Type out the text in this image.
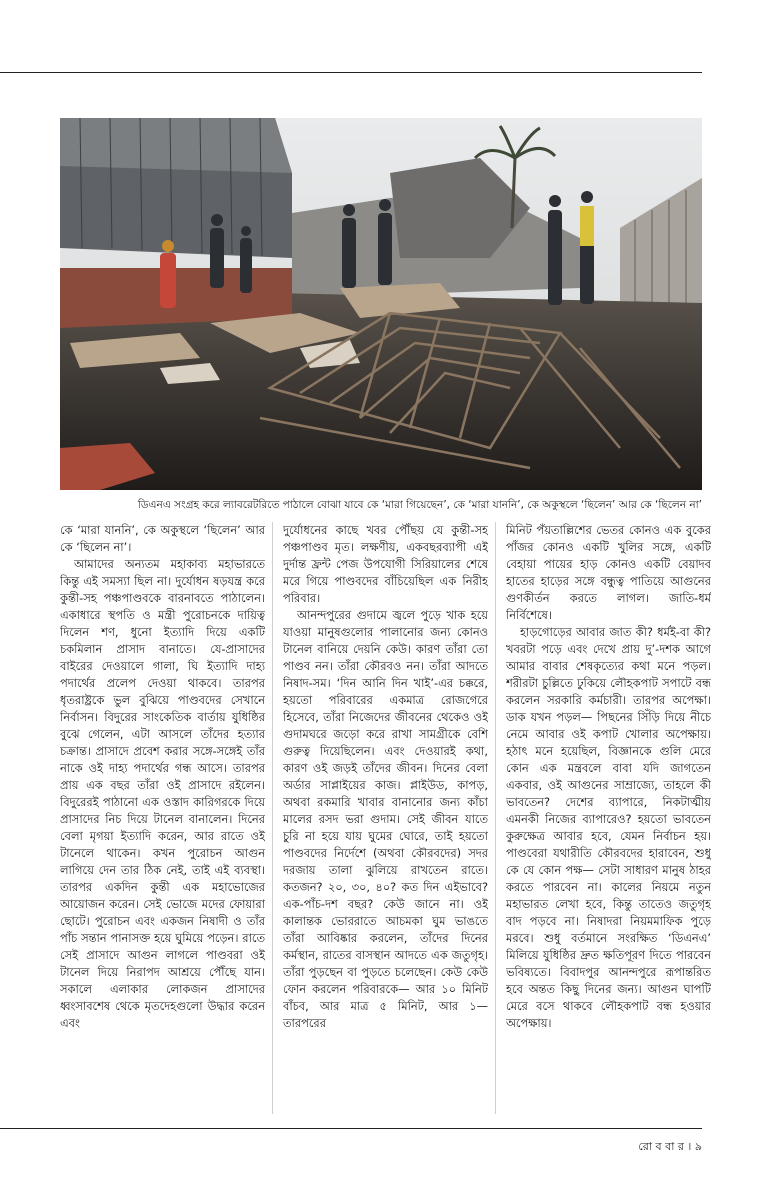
ডিএনএ সংগ্রহ করে ল্যাবরেটরিতে পাঠালে বোঝা যাবে কে ‘মারা গিয়েছেন’, কে ‘মারা যাননি’, কে অকুস্থলে ‘ছিলেন’ আর কে ‘ছিলেন না’

কে ‘মারা যাননি’, কে অকুস্থলে ‘ছিলেন’ আর কে ‘ছিলেন না’।

আমাদের অন্যতম মহাকাব্য মহাভারতে কিন্তু এই সমস্যা ছিল না। দুর্যোধন ষড়যন্ত্র করে কুন্তী-সহ পঞ্চপাণ্ডবকে বারনাবতে পাঠালেন। একাধারে স্থপতি ও মন্ত্রী পুরোচনকে দায়িত্ব দিলেন শণ, ধুনো ইত্যাদি দিয়ে একটি চকমিলান প্রাসাদ বানাতে। যে-প্রাসাদের বাইরের দেওয়ালে গালা, ঘি ইত্যাদি দাহ্য পদার্থের প্রলেপ দেওয়া থাকবে। তারপর ধৃতরাষ্ট্রকে ভুল বুঝিয়ে পাণ্ডবদের সেখানে নির্বাসন। বিদুরের সাংকেতিক বার্তায় যুধিষ্ঠির বুঝে গেলেন, এটা আসলে তাঁদের হত্যার চক্রান্ত। প্রাসাদে প্রবেশ করার সঙ্গে-সঙ্গেই তাঁর নাকে ওই দাহ্য পদার্থের গন্ধ আসে। তারপর প্রায় এক বছর তাঁরা ওই প্রাসাদে রইলেন। বিদুরেরই পাঠানো এক ওস্তাদ কারিগরকে দিয়ে প্রাসাদের নিচ দিয়ে টানেল বানালেন। দিনের বেলা মৃগয়া ইত্যাদি করেন, আর রাতে ওই টানেলে থাকেন। কখন পুরোচন আগুন লাগিয়ে দেন তার ঠিক নেই, তাই এই ব্যবস্থা। তারপর একদিন কুন্তী এক মহাভোজের আয়োজন করেন। সেই ভোজে মদের ফোয়ারা ছোটে। পুরোচন এবং একজন নিষাদী ও তাঁর পাঁচ সন্তান পানাসক্ত হয়ে ঘুমিয়ে পড়েন। রাতে সেই প্রাসাদে আগুন লাগলে পাণ্ডবরা ওই টানেল দিয়ে নিরাপদ আশ্রয়ে পৌঁছে যান। সকালে এলাকার লোকজন প্রাসাদের ধ্বংসাবশেষ থেকে মৃতদেহগুলো উদ্ধার করেন এবং

দুর্যোধনের কাছে খবর পৌঁছয় যে কুন্তী-সহ পঞ্চপাণ্ডব মৃত। লক্ষণীয়, একবছরব্যাপী এই দুর্দান্ত ফ্রন্ট পেজ উপযোগী সিরিয়ালের শেষে মরে গিয়ে পাণ্ডবদের বাঁচিয়েছিল এক নিরীহ পরিবার।

আনন্দপুরের গুদামে জ্বলে পুড়ে খাক হয়ে যাওয়া মানুষগুলোর পালানোর জন্য কোনও টানেল বানিয়ে দেয়নি কেউ। কারণ তাঁরা তো পাণ্ডব নন। তাঁরা কৌরবও নন। তাঁরা আদতে নিষাদ-সম। ‘দিন আনি দিন খাই’-এর চক্করে, হয়তো পরিবারের একমাত্র রোজগেরে হিসেবে, তাঁরা নিজেদের জীবনের থেকেও ওই গুদামঘরে জড়ো করে রাখা সামগ্রীকে বেশি গুরুত্ব দিয়েছিলেন। এবং দেওয়ারই কথা, কারণ ওই জড়ই তাঁদের জীবন। দিনের বেলা অর্ডার সাপ্লাইয়ের কাজ। প্লাইউড, কাপড়, অথবা রকমারি খাবার বানানোর জন্য কাঁচা মালের রসদ ভরা গুদাম। সেই জীবন যাতে চুরি না হয়ে যায় ঘুমের ঘোরে, তাই হয়তো পাণ্ডবদের নির্দেশে (অথবা কৌরবদের) সদর দরজায় তালা ঝুলিয়ে রাখতেন রাতে। কতজন? ২০, ৩০, ৪০? কত দিন এইভাবে? এক-পাঁচ-দশ বছর? কেউ জানে না। ওই কালান্তক ভোররাতে আচমকা ঘুম ভাঙতে তাঁরা আবিষ্কার করলেন, তাঁদের দিনের কর্মস্থান, রাতের বাসস্থান আদতে এক জতুগৃহ। তাঁরা পুড়ছেন বা পুড়তে চলেছেন। কেউ কেউ ফোন করলেন পরিবারকে— আর ১০ মিনিট বাঁচব, আর মাত্র ৫ মিনিট, আর ১— তারপরের

মিনিট পঁয়তাল্লিশের ভেতর কোনও এক বুকের পাঁজর কোনও একটি খুলির সঙ্গে, একটি বেহায়া পায়ের হাড় কোনও একটি বেয়াদব হাতের হাড়ের সঙ্গে বন্ধুত্ব পাতিয়ে আগুনের গুণকীর্তন করতে লাগল। জাতি-ধর্ম নির্বিশেষে।

হাড়গোড়ের আবার জাত কী? ধর্মই-বা কী? খবরটা পড়ে এবং দেখে প্রায় দু’-দশক আগে আমার বাবার শেষকৃত্যের কথা মনে পড়ল। শরীরটা চুল্লিতে ঢুকিয়ে লৌহকপাট সপাটে বন্ধ করলেন সরকারি কর্মচারী। তারপর অপেক্ষা। ডাক যখন পড়ল— পিছনের সিঁড়ি দিয়ে নীচে নেমে আবার ওই কপাট খোলার অপেক্ষায়। হঠাৎ মনে হয়েছিল, বিজ্ঞানকে গুলি মেরে কোন এক মন্ত্রবলে বাবা যদি জাগতেন একবার, ওই আগুনের সাম্রাজ্যে, তাহলে কী ভাবতেন? দেশের ব্যাপারে, নিকটাত্মীয় এমনকী নিজের ব্যাপারেও? হয়তো ভাবতেন কুরুক্ষেত্র আবার হবে, যেমন নির্বাচন হয়। পাণ্ডবেরা যথারীতি কৌরবদের হারাবেন, শুধু কে যে কোন পক্ষ— সেটা সাধারণ মানুষ ঠাহর করতে পারবেন না। কালের নিয়মে নতুন মহাভারত লেখা হবে, কিন্তু তাতেও জতুগৃহ বাদ পড়বে না। নিষাদরা নিয়মমাফিক পুড়ে মরবে। শুধু বর্তমানে সংরক্ষিত ‘ডিএনএ’ মিলিয়ে যুধিষ্ঠির দ্রুত ক্ষতিপূরণ দিতে পারবেন ভবিষ্যতে। বিবাদপুর আনন্দপুরে রূপান্তরিত হবে অন্তত কিছু দিনের জন্য। আগুন ঘাপটি মেরে বসে থাকবে লৌহকপাট বন্ধ হওয়ার অপেক্ষায়।

রো ব বা র । ৯
